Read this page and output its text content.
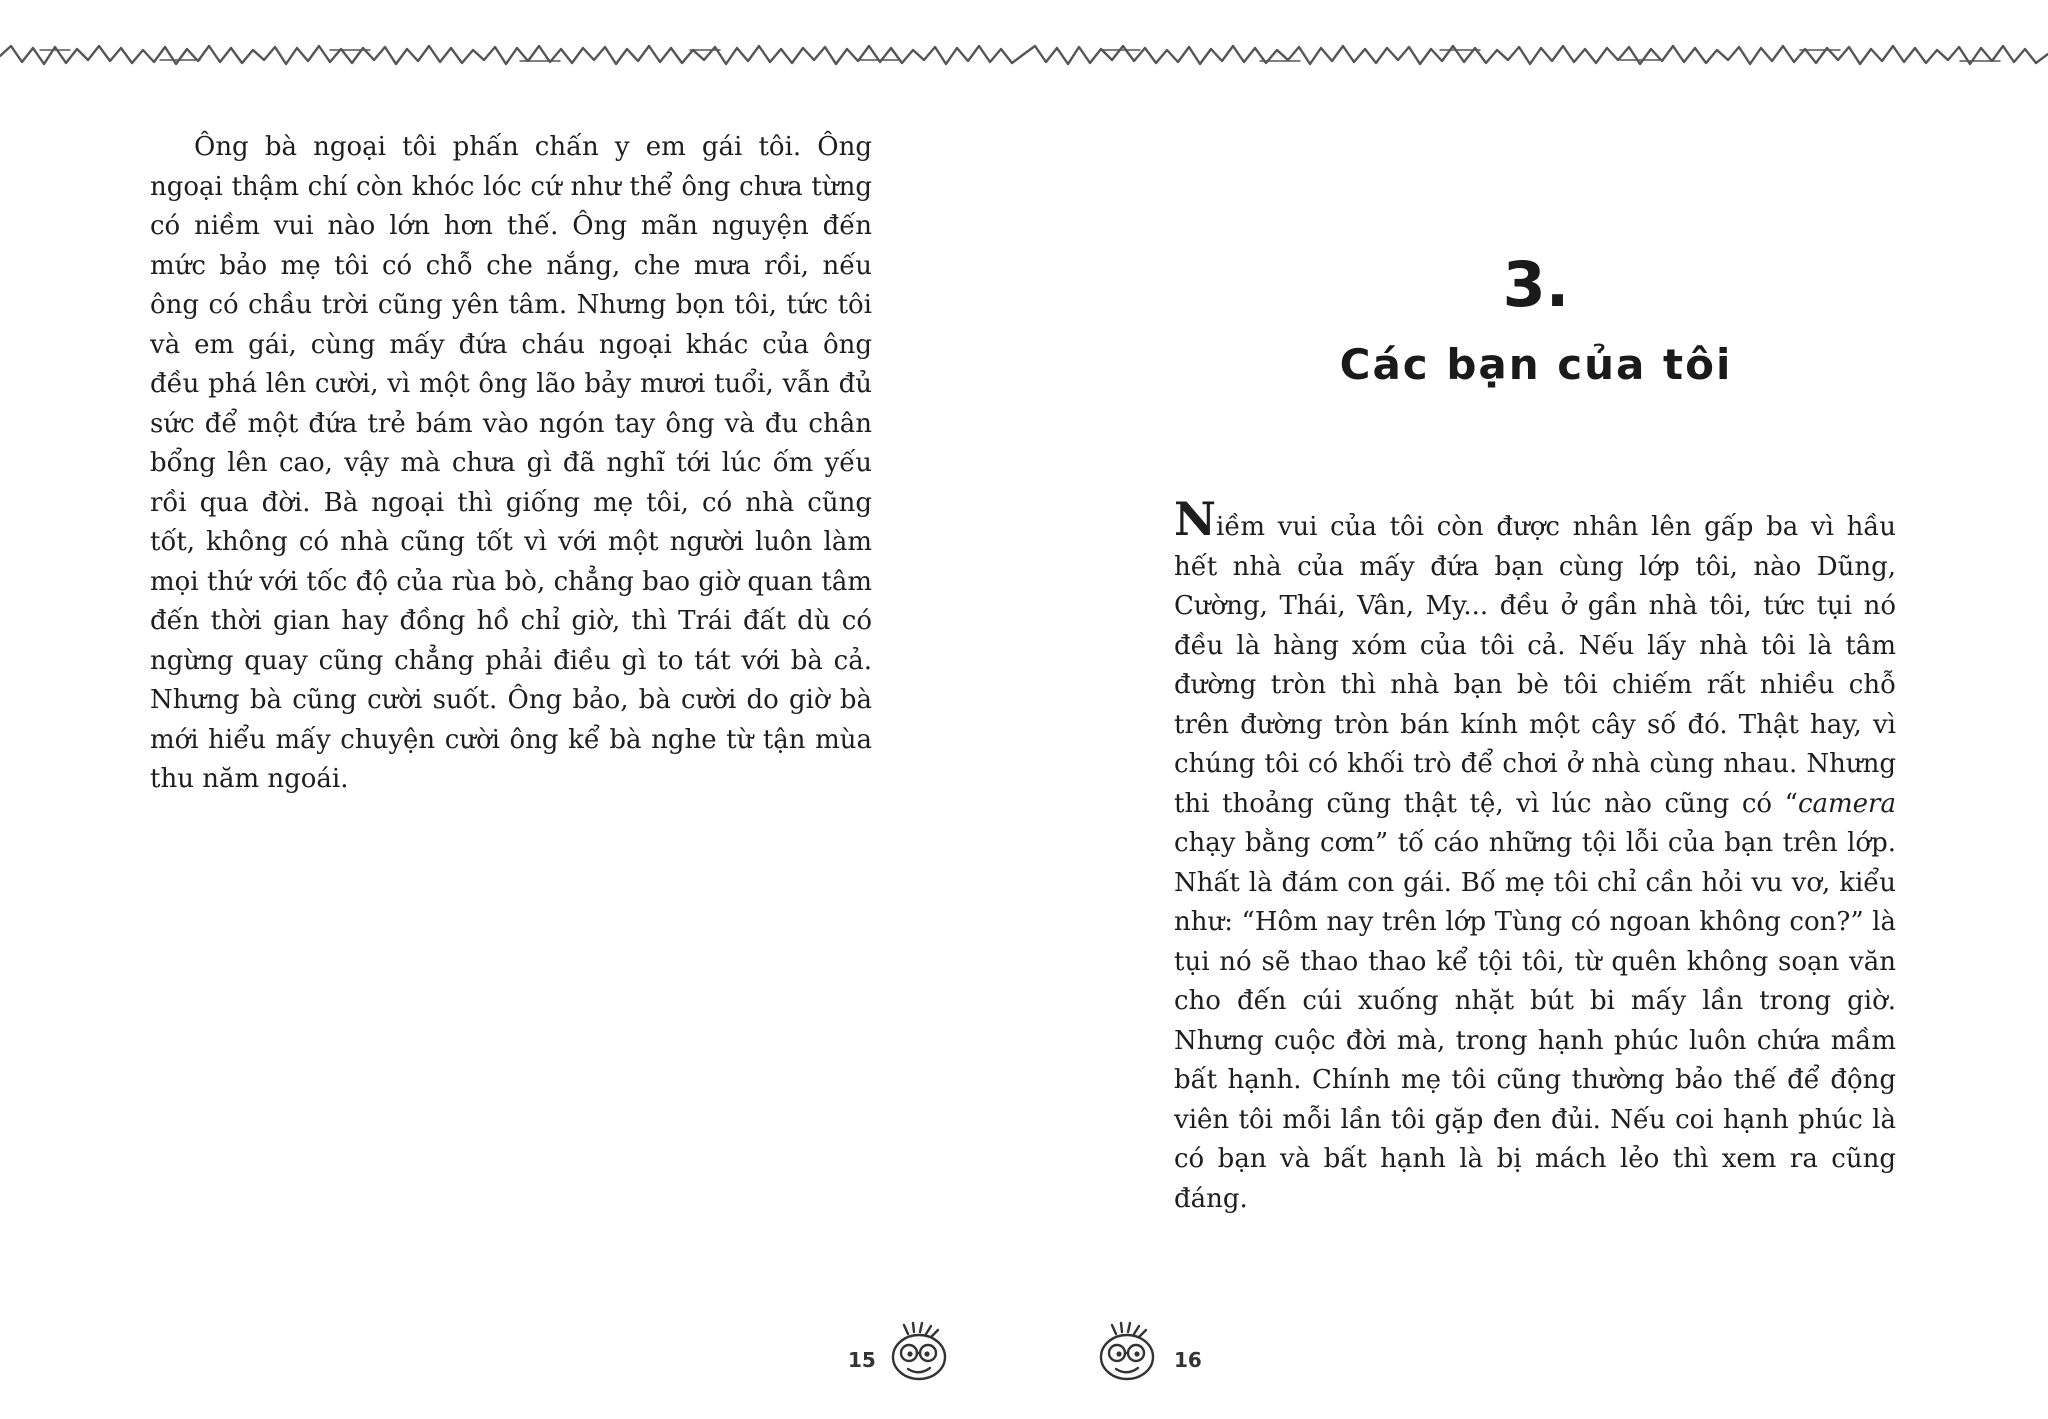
Ông bà ngoại tôi phấn chấn y em gái tôi. Ông ngoại thậm chí còn khóc lóc cứ như thể ông chưa từng có niềm vui nào lớn hơn thế. Ông mãn nguyện đến mức bảo mẹ tôi có chỗ che nắng, che mưa rồi, nếu ông có chầu trời cũng yên tâm. Nhưng bọn tôi, tức tôi và em gái, cùng mấy đứa cháu ngoại khác của ông đều phá lên cười, vì một ông lão bảy mươi tuổi, vẫn đủ sức để một đứa trẻ bám vào ngón tay ông và đu chân bổng lên cao, vậy mà chưa gì đã nghĩ tới lúc ốm yếu rồi qua đời. Bà ngoại thì giống mẹ tôi, có nhà cũng tốt, không có nhà cũng tốt vì với một người luôn làm mọi thứ với tốc độ của rùa bò, chẳng bao giờ quan tâm đến thời gian hay đồng hồ chỉ giờ, thì Trái đất dù có ngừng quay cũng chẳng phải điều gì to tát với bà cả. Nhưng bà cũng cười suốt. Ông bảo, bà cười do giờ bà mới hiểu mấy chuyện cười ông kể bà nghe từ tận mùa thu năm ngoái.

15
3.
Các bạn của tôi

Niềm vui của tôi còn được nhân lên gấp ba vì hầu hết nhà của mấy đứa bạn cùng lớp tôi, nào Dũng, Cường, Thái, Vân, My... đều ở gần nhà tôi, tức tụi nó đều là hàng xóm của tôi cả. Nếu lấy nhà tôi là tâm đường tròn thì nhà bạn bè tôi chiếm rất nhiều chỗ trên đường tròn bán kính một cây số đó. Thật hay, vì chúng tôi có khối trò để chơi ở nhà cùng nhau. Nhưng thi thoảng cũng thật tệ, vì lúc nào cũng có “camera chạy bằng cơm” tố cáo những tội lỗi của bạn trên lớp. Nhất là đám con gái. Bố mẹ tôi chỉ cần hỏi vu vơ, kiểu như: “Hôm nay trên lớp Tùng có ngoan không con?” là tụi nó sẽ thao thao kể tội tôi, từ quên không soạn văn cho đến cúi xuống nhặt bút bi mấy lần trong giờ. Nhưng cuộc đời mà, trong hạnh phúc luôn chứa mầm bất hạnh. Chính mẹ tôi cũng thường bảo thế để động viên tôi mỗi lần tôi gặp đen đủi. Nếu coi hạnh phúc là có bạn và bất hạnh là bị mách lẻo thì xem ra cũng đáng.

16
